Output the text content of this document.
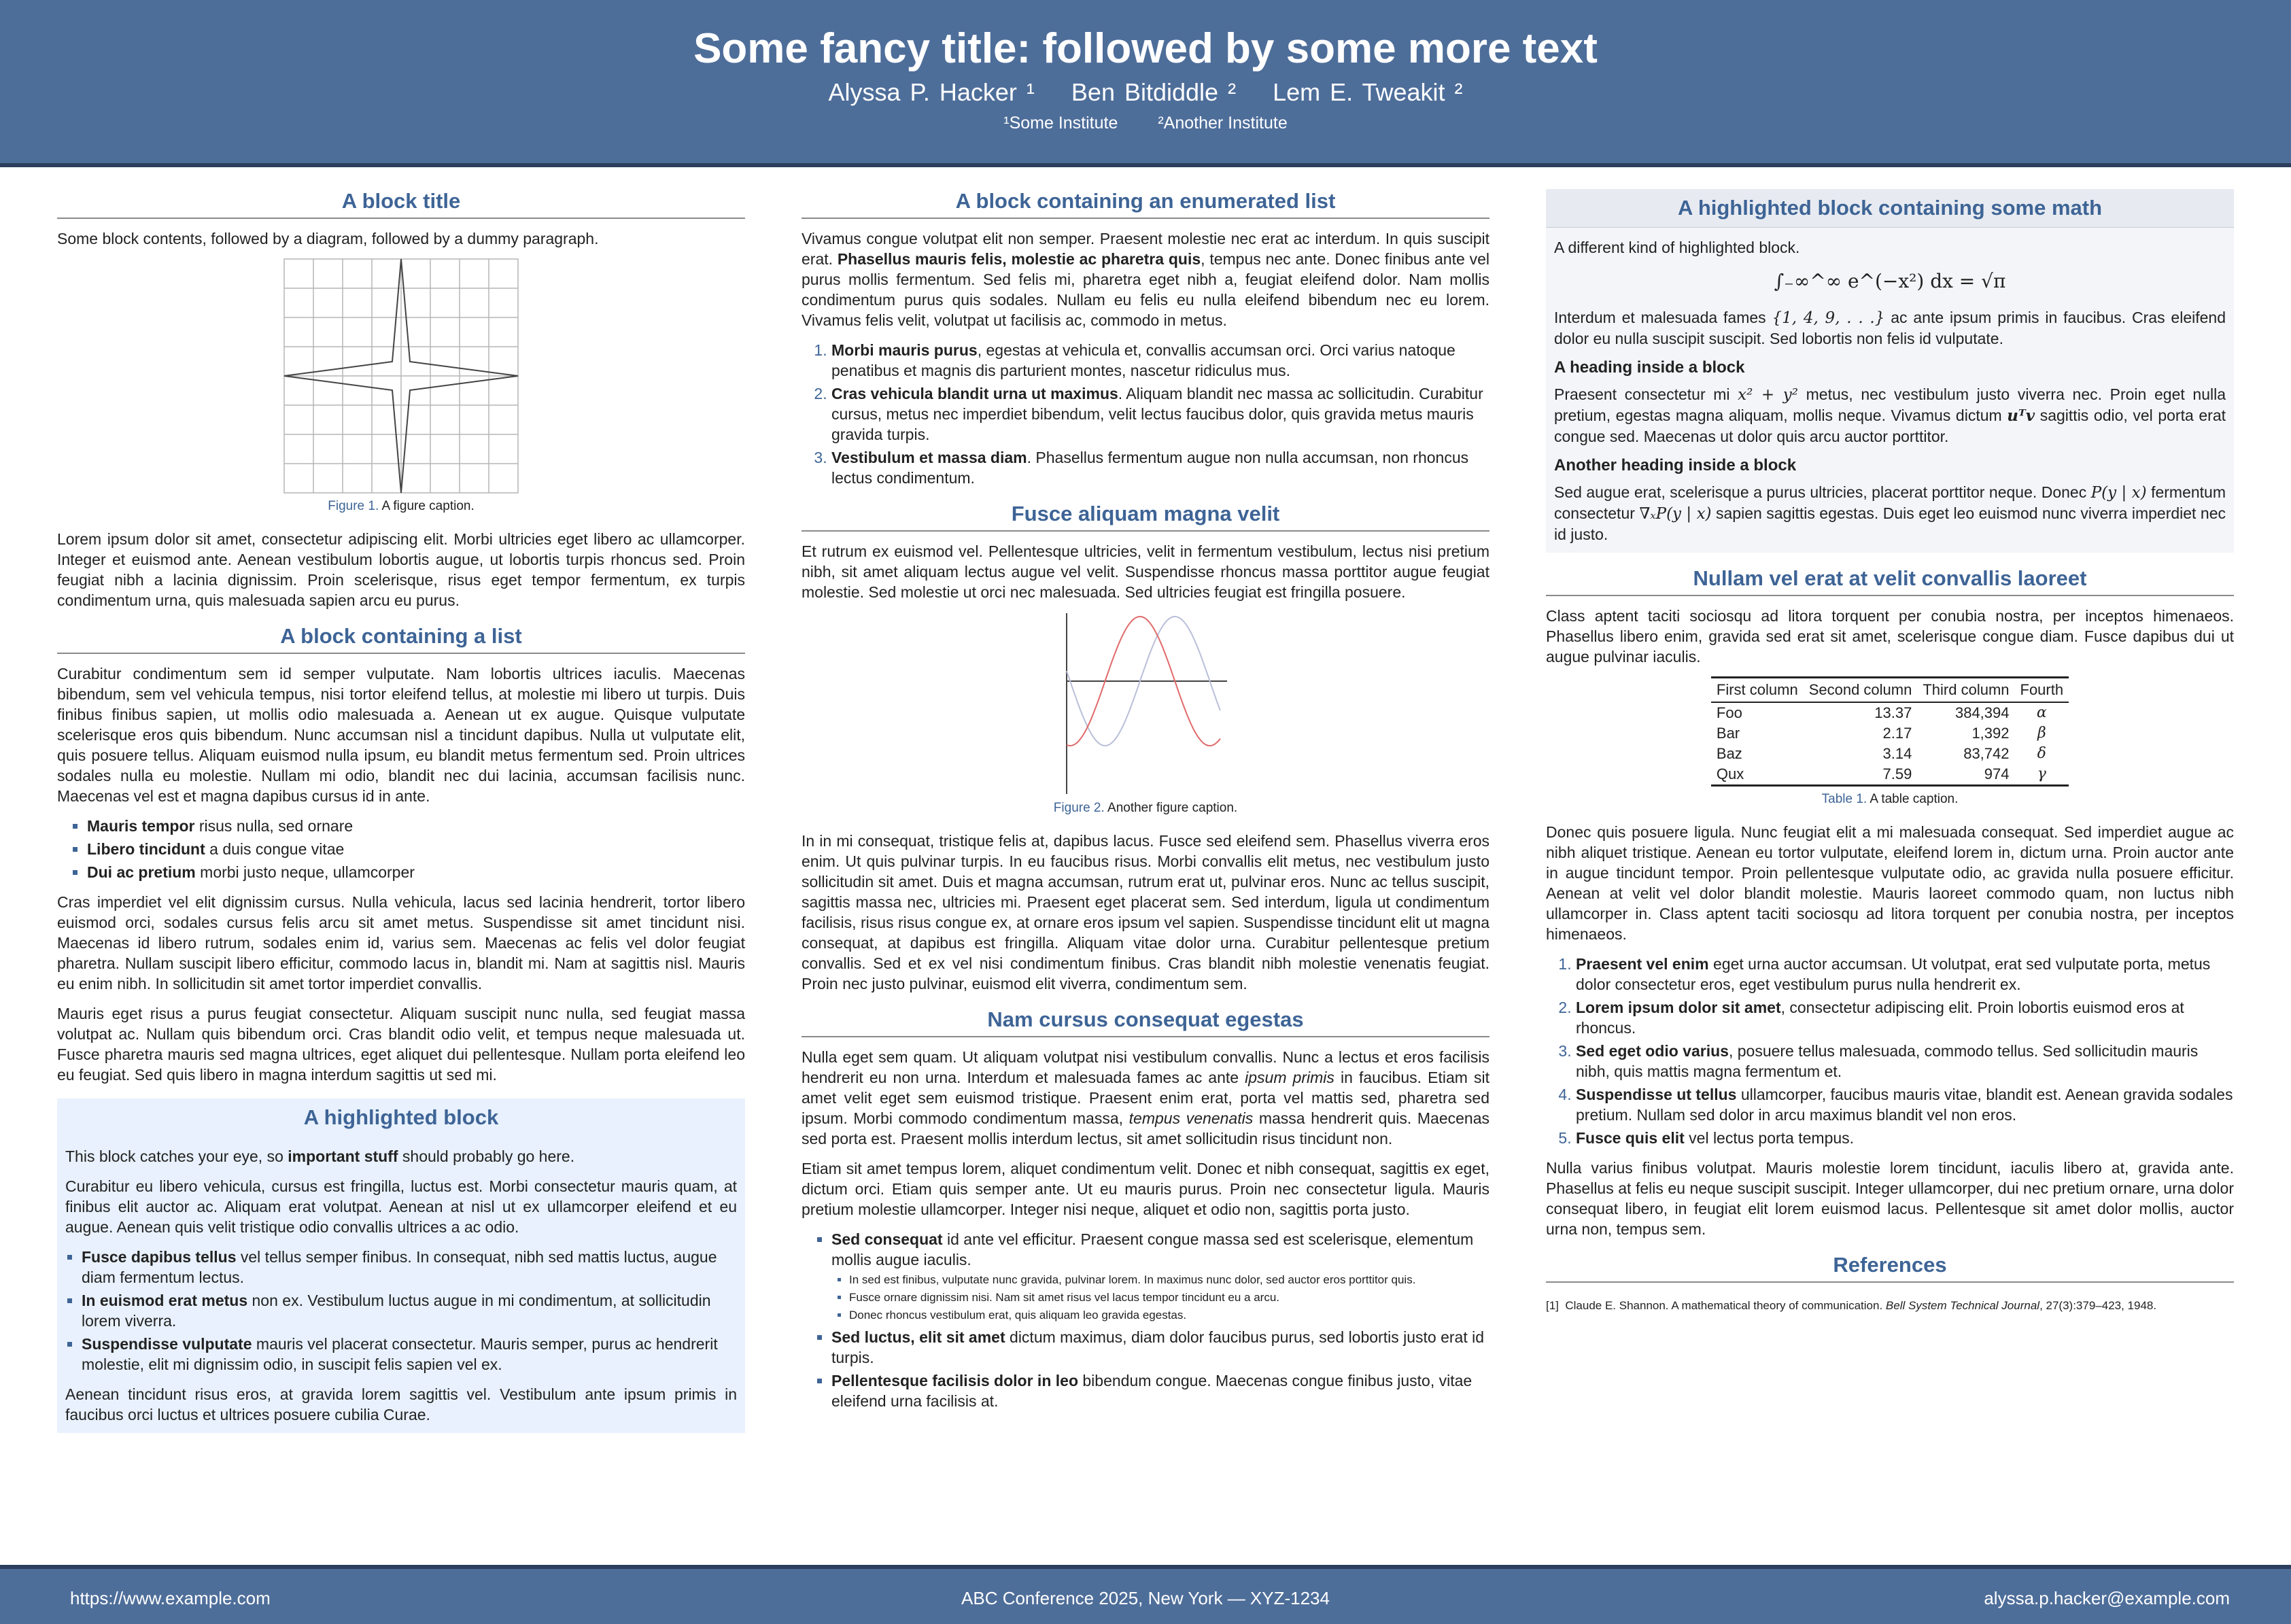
Some fancy title: followed by some more text
Alyssa P. Hacker ¹ Ben Bitdiddle ² Lem E. Tweakit ²
¹Some Institute ²Another Institute
A block title

Some block contents, followed by a diagram, followed by a dummy paragraph.

Figure 1. A figure caption.

Lorem ipsum dolor sit amet, consectetur adipiscing elit. Morbi ultricies eget libero ac ullamcorper. Integer et euismod ante. Aenean vestibulum lobortis augue, ut lobortis turpis rhoncus sed. Proin feugiat nibh a lacinia dignissim. Proin scelerisque, risus eget tempor fermentum, ex turpis condimentum urna, quis malesuada sapien arcu eu purus.

A block containing a list

Curabitur condimentum sem id semper vulputate. Nam lobortis ultrices iaculis. Maecenas bibendum, sem vel vehicula tempus, nisi tortor eleifend tellus, at molestie mi libero ut turpis. Duis finibus finibus sapien, ut mollis odio malesuada a. Aenean ut ex augue. Quisque vulputate scelerisque eros quis bibendum. Nunc accumsan nisl a tincidunt dapibus. Nulla ut vulputate elit, quis posuere tellus. Aliquam euismod nulla ipsum, eu blandit metus fermentum sed. Proin ultrices sodales nulla eu molestie. Nullam mi odio, blandit nec dui lacinia, accumsan facilisis nunc. Maecenas vel est et magna dapibus cursus id in ante.

▪ Mauris tempor risus nulla, sed ornare
▪ Libero tincidunt a duis congue vitae
▪ Dui ac pretium morbi justo neque, ullamcorper

Cras imperdiet vel elit dignissim cursus. Nulla vehicula, lacus sed lacinia hendrerit, tortor libero euismod orci, sodales cursus felis arcu sit amet metus. Suspendisse sit amet tincidunt nisi. Maecenas id libero rutrum, sodales enim id, varius sem. Maecenas ac felis vel dolor feugiat pharetra. Nullam suscipit libero efficitur, commodo lacus in, blandit mi. Nam at sagittis nisl. Mauris eu enim nibh. In sollicitudin sit amet tortor imperdiet convallis.

Mauris eget risus a purus feugiat consectetur. Aliquam suscipit nunc nulla, sed feugiat massa volutpat ac. Nullam quis bibendum orci. Cras blandit odio velit, et tempus neque malesuada ut. Fusce pharetra mauris sed magna ultrices, eget aliquet dui pellentesque. Nullam porta eleifend leo eu feugiat. Sed quis libero in magna interdum sagittis ut sed mi.

A highlighted block

This block catches your eye, so important stuff should probably go here.

Curabitur eu libero vehicula, cursus est fringilla, luctus est. Morbi consectetur mauris quam, at finibus elit auctor ac. Aliquam erat volutpat. Aenean at nisl ut ex ullamcorper eleifend et eu augue. Aenean quis velit tristique odio convallis ultrices a ac odio.

▪ Fusce dapibus tellus vel tellus semper finibus. In consequat, nibh sed mattis luctus, augue diam fermentum lectus.
▪ In euismod erat metus non ex. Vestibulum luctus augue in mi condimentum, at sollicitudin lorem viverra.
▪ Suspendisse vulputate mauris vel placerat consectetur. Mauris semper, purus ac hendrerit molestie, elit mi dignissim odio, in suscipit felis sapien vel ex.

Aenean tincidunt risus eros, at gravida lorem sagittis vel. Vestibulum ante ipsum primis in faucibus orci luctus et ultrices posuere cubilia Curae.

A block containing an enumerated list

Vivamus congue volutpat elit non semper. Praesent molestie nec erat ac interdum. In quis suscipit erat. Phasellus mauris felis, molestie ac pharetra quis, tempus nec ante. Donec finibus ante vel purus mollis fermentum. Sed felis mi, pharetra eget nibh a, feugiat eleifend dolor. Nam mollis condimentum purus quis sodales. Nullam eu felis eu nulla eleifend bibendum nec eu lorem. Vivamus felis velit, volutpat ut facilisis ac, commodo in metus.

1. Morbi mauris purus, egestas at vehicula et, convallis accumsan orci. Orci varius natoque penatibus et magnis dis parturient montes, nascetur ridiculus mus.
2. Cras vehicula blandit urna ut maximus. Aliquam blandit nec massa ac sollicitudin. Curabitur cursus, metus nec imperdiet bibendum, velit lectus faucibus dolor, quis gravida metus mauris gravida turpis.
3. Vestibulum et massa diam. Phasellus fermentum augue non nulla accumsan, non rhoncus lectus condimentum.
Fusce aliquam magna velit

Et rutrum ex euismod vel. Pellentesque ultricies, velit in fermentum vestibulum, lectus nisi pretium nibh, sit amet aliquam lectus augue vel velit. Suspendisse rhoncus massa porttitor augue feugiat molestie. Sed molestie ut orci nec malesuada. Sed ultricies feugiat est fringilla posuere.

Figure 2. Another figure caption.

In in mi consequat, tristique felis at, dapibus lacus. Fusce sed eleifend sem. Phasellus viverra eros enim. Ut quis pulvinar turpis. In eu faucibus risus. Morbi convallis elit metus, nec vestibulum justo sollicitudin sit amet. Duis et magna accumsan, rutrum erat ut, pulvinar eros. Nunc ac tellus suscipit, sagittis massa nec, ultricies mi. Praesent eget placerat sem. Sed interdum, ligula ut condimentum facilisis, risus risus congue ex, at ornare eros ipsum vel sapien. Suspendisse tincidunt elit ut magna consequat, at dapibus est fringilla. Aliquam vitae dolor urna. Curabitur pellentesque pretium convallis. Sed et ex vel nisi condimentum finibus. Cras blandit nibh molestie venenatis feugiat. Proin nec justo pulvinar, euismod elit viverra, condimentum sem.

Nam cursus consequat egestas

Nulla eget sem quam. Ut aliquam volutpat nisi vestibulum convallis. Nunc a lectus et eros facilisis hendrerit eu non urna. Interdum et malesuada fames ac ante ipsum primis in faucibus. Etiam sit amet velit eget sem euismod tristique. Praesent enim erat, porta vel mattis sed, pharetra sed ipsum. Morbi commodo condimentum massa, tempus venenatis massa hendrerit quis. Maecenas sed porta est. Praesent mollis interdum lectus, sit amet sollicitudin risus tincidunt non.

Etiam sit amet tempus lorem, aliquet condimentum velit. Donec et nibh consequat, sagittis ex eget, dictum orci. Etiam quis semper ante. Ut eu mauris purus. Proin nec consectetur ligula. Mauris pretium molestie ullamcorper. Integer nisi neque, aliquet et odio non, sagittis porta justo.

▪ Sed consequat id ante vel efficitur. Praesent congue massa sed est scelerisque, elementum mollis augue iaculis.
▪ In sed est finibus, vulputate nunc gravida, pulvinar lorem. In maximus nunc dolor, sed auctor eros porttitor quis.
▪ Fusce ornare dignissim nisi. Nam sit amet risus vel lacus tempor tincidunt eu a arcu.
▪ Donec rhoncus vestibulum erat, quis aliquam leo gravida egestas.
▪ Sed luctus, elit sit amet dictum maximus, diam dolor faucibus purus, sed lobortis justo erat id turpis.
▪ Pellentesque facilisis dolor in leo bibendum congue. Maecenas congue finibus justo, vitae eleifend urna facilisis at.
A highlighted block containing some math

A different kind of highlighted block.

∫₋∞^∞ e^(−x²) dx = √π

Interdum et malesuada fames {1, 4, 9, . . .} ac ante ipsum primis in faucibus. Cras eleifend dolor eu nulla suscipit suscipit. Sed lobortis non felis id vulputate.

A heading inside a block

Praesent consectetur mi x² + y² metus, nec vestibulum justo viverra nec. Proin eget nulla pretium, egestas magna aliquam, mollis neque. Vivamus dictum uᵀv sagittis odio, vel porta erat congue sed. Maecenas ut dolor quis arcu auctor porttitor.

Another heading inside a block

Sed augue erat, scelerisque a purus ultricies, placerat porttitor neque. Donec P(y | x) fermentum consectetur ∇ₓP(y | x) sapien sagittis egestas. Duis eget leo euismod nunc viverra imperdiet nec id justo.

Nullam vel erat at velit convallis laoreet

Class aptent taciti sociosqu ad litora torquent per conubia nostra, per inceptos himenaeos. Phasellus libero enim, gravida sed erat sit amet, scelerisque congue diam. Fusce dapibus dui ut augue pulvinar iaculis.

First column	Second column	Third column	Fourth
Foo	13.37	384,394	α
Bar	2.17	1,392	β
Baz	3.14	83,742	δ
Qux	7.59	974	γ
Table 1. A table caption.

Donec quis posuere ligula. Nunc feugiat elit a mi malesuada consequat. Sed imperdiet augue ac nibh aliquet tristique. Aenean eu tortor vulputate, eleifend lorem in, dictum urna. Proin auctor ante in augue tincidunt tempor. Proin pellentesque vulputate odio, ac gravida nulla posuere efficitur. Aenean at velit vel dolor blandit molestie. Mauris laoreet commodo quam, non luctus nibh ullamcorper in. Class aptent taciti sociosqu ad litora torquent per conubia nostra, per inceptos himenaeos.

1. Praesent vel enim eget urna auctor accumsan. Ut volutpat, erat sed vulputate porta, metus dolor consectetur eros, eget vestibulum purus nulla hendrerit ex.
2. Lorem ipsum dolor sit amet, consectetur adipiscing elit. Proin lobortis euismod eros at rhoncus.
3. Sed eget odio varius, posuere tellus malesuada, commodo tellus. Sed sollicitudin mauris nibh, quis mattis magna fermentum et.
4. Suspendisse ut tellus ullamcorper, faucibus mauris vitae, blandit est. Aenean gravida sodales pretium. Nullam sed dolor in arcu maximus blandit vel non eros.
5. Fusce quis elit vel lectus porta tempus.

Nulla varius finibus volutpat. Mauris molestie lorem tincidunt, iaculis libero at, gravida ante. Phasellus at felis eu neque suscipit suscipit. Integer ullamcorper, dui nec pretium ornare, urna dolor consequat libero, in feugiat elit lorem euismod lacus. Pellentesque sit amet dolor mollis, auctor urna non, tempus sem.

References
[1] Claude E. Shannon. A mathematical theory of communication. Bell System Technical Journal, 27(3):379–423, 1948.
https://www.example.com	ABC Conference 2025, New York — XYZ-1234	alyssa.p.hacker@example.com
